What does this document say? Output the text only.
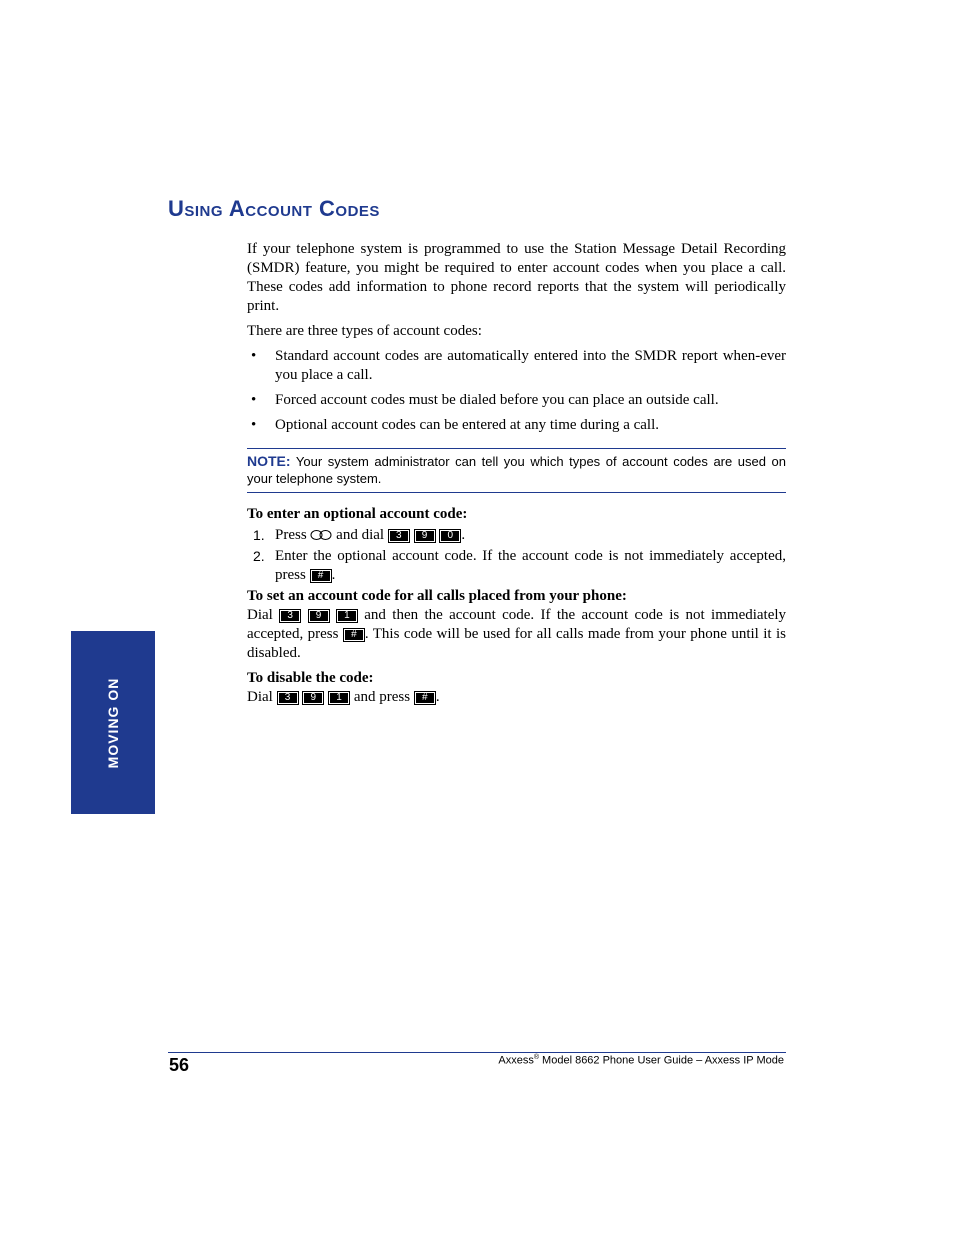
MOVING ON
Using Account Codes

If your telephone system is programmed to use the Station Message Detail Recording (SMDR) feature, you might be required to enter account codes when you place a call. These codes add information to phone record reports that the system will periodically print.

There are three types of account codes:

• Standard account codes are automatically entered into the SMDR report when-ever you place a call.
• Forced account codes must be dialed before you can place an outside call.
• Optional account codes can be entered at any time during a call.
NOTE: Your system administrator can tell you which types of account codes are used on your telephone system.

To enter an optional account code:

1. Press and dial 3 9 0 .
2. Enter the optional account code. If the account code is not immediately accepted, press # .

To set an account code for all calls placed from your phone:

Dial 3 9 1 and then the account code. If the account code is not immediately accepted, press # . This code will be used for all calls made from your phone until it is disabled.

To disable the code:

Dial 3 9 1 and press # .

56	Axxess® Model 8662 Phone User Guide – Axxess IP Mode
